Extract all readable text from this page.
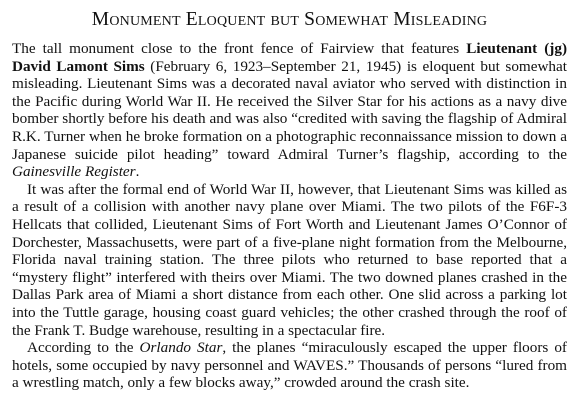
Monument Eloquent but Somewhat Misleading

The tall monument close to the front fence of Fairview that features Lieutenant (jg) David Lamont Sims (February 6, 1923–September 21, 1945) is eloquent but somewhat misleading. Lieutenant Sims was a decorated naval aviator who served with distinction in the Pacific during World War II. He received the Silver Star for his actions as a navy dive bomber shortly before his death and was also “credited with saving the flagship of Admiral R.K. Turner when he broke formation on a photographic reconnaissance mission to down a Japanese suicide pilot heading” toward Admiral Turner’s flagship, according to the Gainesville Register.

It was after the formal end of World War II, however, that Lieutenant Sims was killed as a result of a collision with another navy plane over Miami. The two pilots of the F6F-3 Hellcats that collided, Lieutenant Sims of Fort Worth and Lieutenant James O’Connor of Dorchester, Massachusetts, were part of a five-plane night formation from the Melbourne, Florida naval training station. The three pilots who returned to base reported that a “mystery flight” interfered with theirs over Miami. The two downed planes crashed in the Dallas Park area of Miami a short distance from each other. One slid across a parking lot into the Tuttle garage, housing coast guard vehicles; the other crashed through the roof of the Frank T. Budge warehouse, resulting in a spectacular fire.

According to the Orlando Star, the planes “miraculously escaped the upper floors of hotels, some occupied by navy personnel and WAVES.” Thousands of persons “lured from a wrestling match, only a few blocks away,” crowded around the crash site.
